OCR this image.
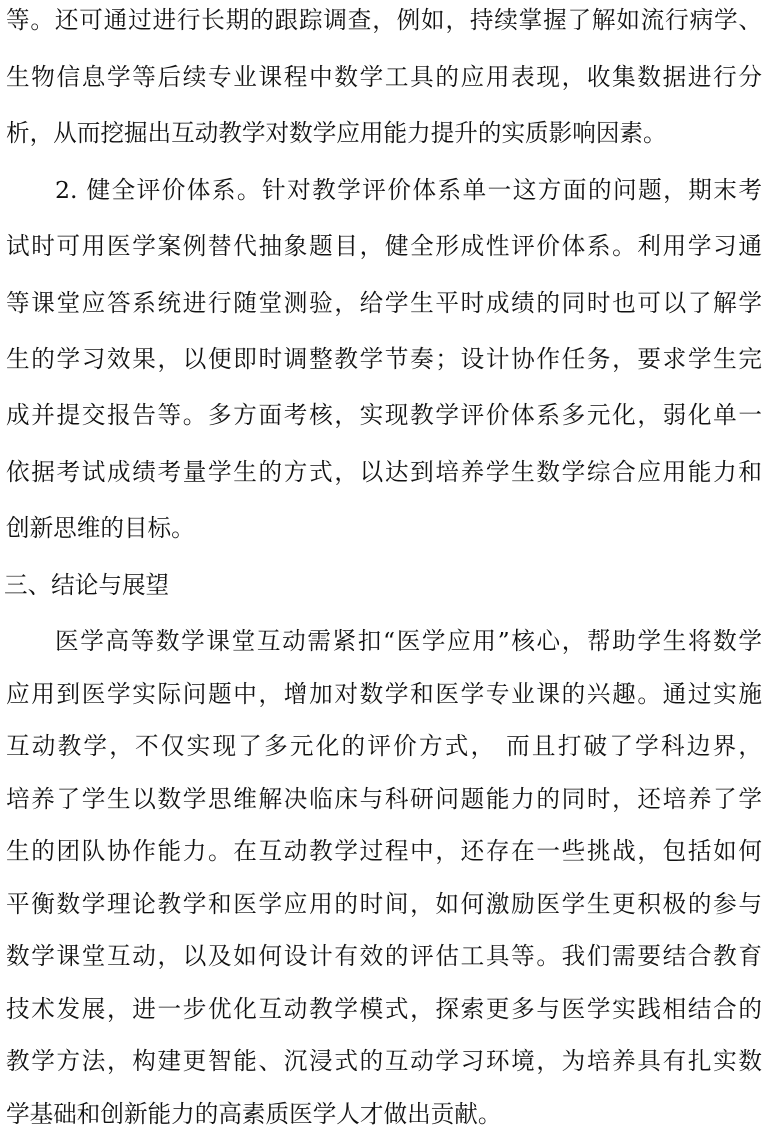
等。还可通过进行长期的跟踪调查，例如，持续掌握了解如流行病学、
生物信息学等后续专业课程中数学工具的应用表现，收集数据进行分
析，从而挖掘出互动教学对数学应用能力提升的实质影响因素。
2. 健全评价体系。针对教学评价体系单一这方面的问题，期末考
试时可用医学案例替代抽象题目，健全形成性评价体系。利用学习通
等课堂应答系统进行随堂测验，给学生平时成绩的同时也可以了解学
生的学习效果，以便即时调整教学节奏；设计协作任务，要求学生完
成并提交报告等。多方面考核，实现教学评价体系多元化，弱化单一
依据考试成绩考量学生的方式，以达到培养学生数学综合应用能力和
创新思维的目标。
三、结论与展望
医学高等数学课堂互动需紧扣“医学应用”核心，帮助学生将数学
应用到医学实际问题中，增加对数学和医学专业课的兴趣。通过实施
互动教学，不仅实现了多元化的评价方式， 而且打破了学科边界，
培养了学生以数学思维解决临床与科研问题能力的同时，还培养了学
生的团队协作能力。在互动教学过程中，还存在一些挑战，包括如何
平衡数学理论教学和医学应用的时间，如何激励医学生更积极的参与
数学课堂互动，以及如何设计有效的评估工具等。我们需要结合教育
技术发展，进一步优化互动教学模式，探索更多与医学实践相结合的
教学方法，构建更智能、沉浸式的互动学习环境，为培养具有扎实数
学基础和创新能力的高素质医学人才做出贡献。
